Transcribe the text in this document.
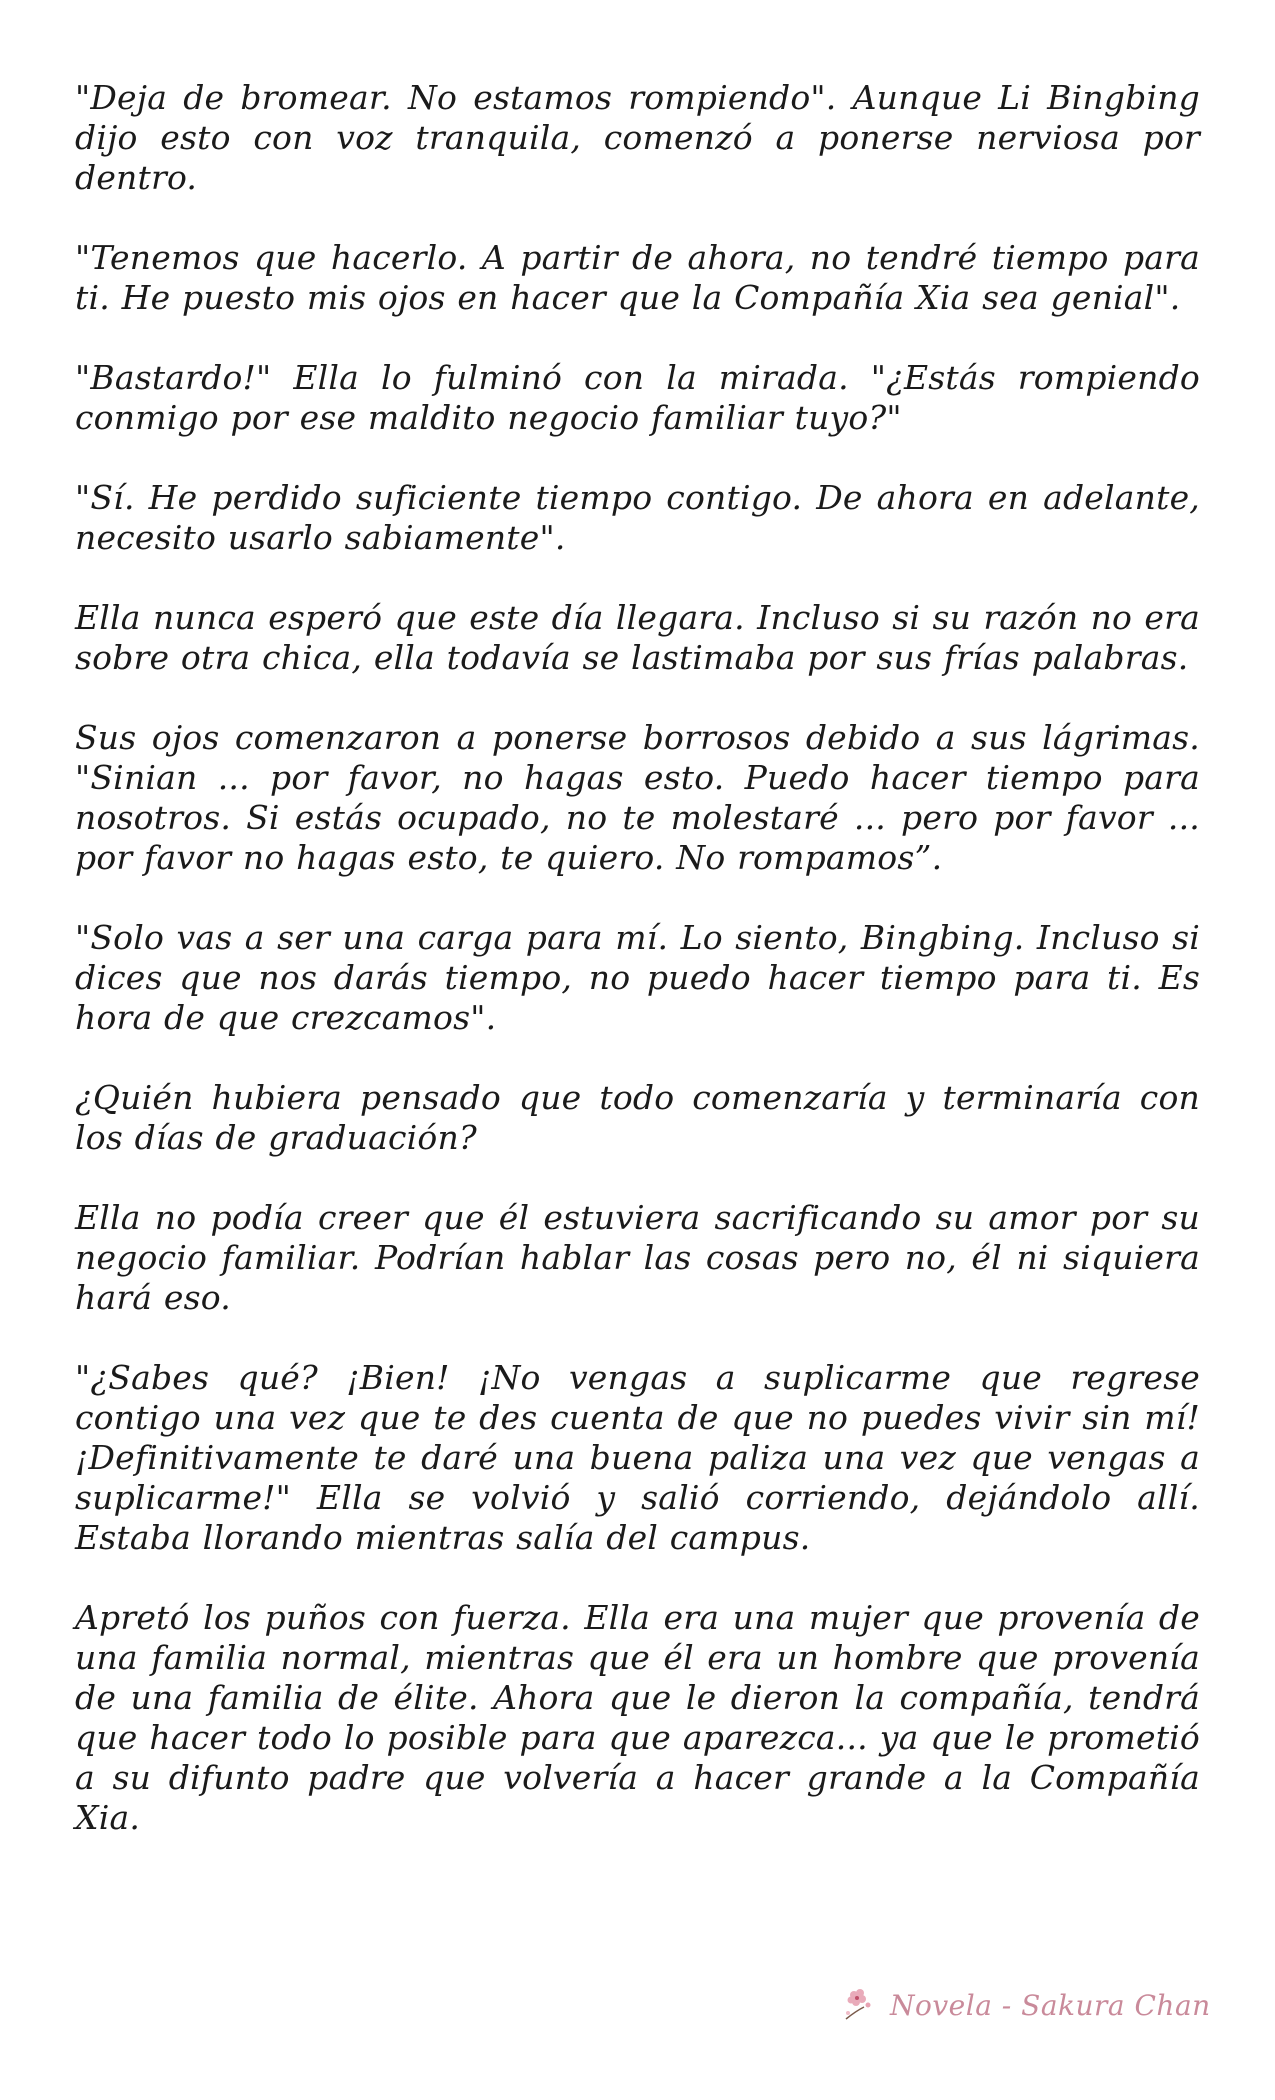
"Deja de bromear. No estamos rompiendo". Aunque Li Bingbing dijo esto con voz tranquila, comenzó a ponerse nerviosa por dentro.

"Tenemos que hacerlo. A partir de ahora, no tendré tiempo para ti. He puesto mis ojos en hacer que la Compañía Xia sea genial".

"Bastardo!" Ella lo fulminó con la mirada. "¿Estás rompiendo conmigo por ese maldito negocio familiar tuyo?"

"Sí. He perdido suficiente tiempo contigo. De ahora en adelante, necesito usarlo sabiamente".

Ella nunca esperó que este día llegara. Incluso si su razón no era sobre otra chica, ella todavía se lastimaba por sus frías palabras.

Sus ojos comenzaron a ponerse borrosos debido a sus lágrimas. "Sinian ... por favor, no hagas esto. Puedo hacer tiempo para nosotros. Si estás ocupado, no te molestaré ... pero por favor ... por favor no hagas esto, te quiero. No rompamos”.

"Solo vas a ser una carga para mí. Lo siento, Bingbing. Incluso si dices que nos darás tiempo, no puedo hacer tiempo para ti. Es hora de que crezcamos".

¿Quién hubiera pensado que todo comenzaría y terminaría con los días de graduación?

Ella no podía creer que él estuviera sacrificando su amor por su negocio familiar. Podrían hablar las cosas pero no, él ni siquiera hará eso.

"¿Sabes qué? ¡Bien! ¡No vengas a suplicarme que regrese contigo una vez que te des cuenta de que no puedes vivir sin mí! ¡Definitivamente te daré una buena paliza una vez que vengas a suplicarme!" Ella se volvió y salió corriendo, dejándolo allí. Estaba llorando mientras salía del campus.

Apretó los puños con fuerza. Ella era una mujer que provenía de una familia normal, mientras que él era un hombre que provenía de una familia de élite. Ahora que le dieron la compañía, tendrá que hacer todo lo posible para que aparezca... ya que le prometió a su difunto padre que volvería a hacer grande a la Compañía Xia.

Novela - Sakura Chan
